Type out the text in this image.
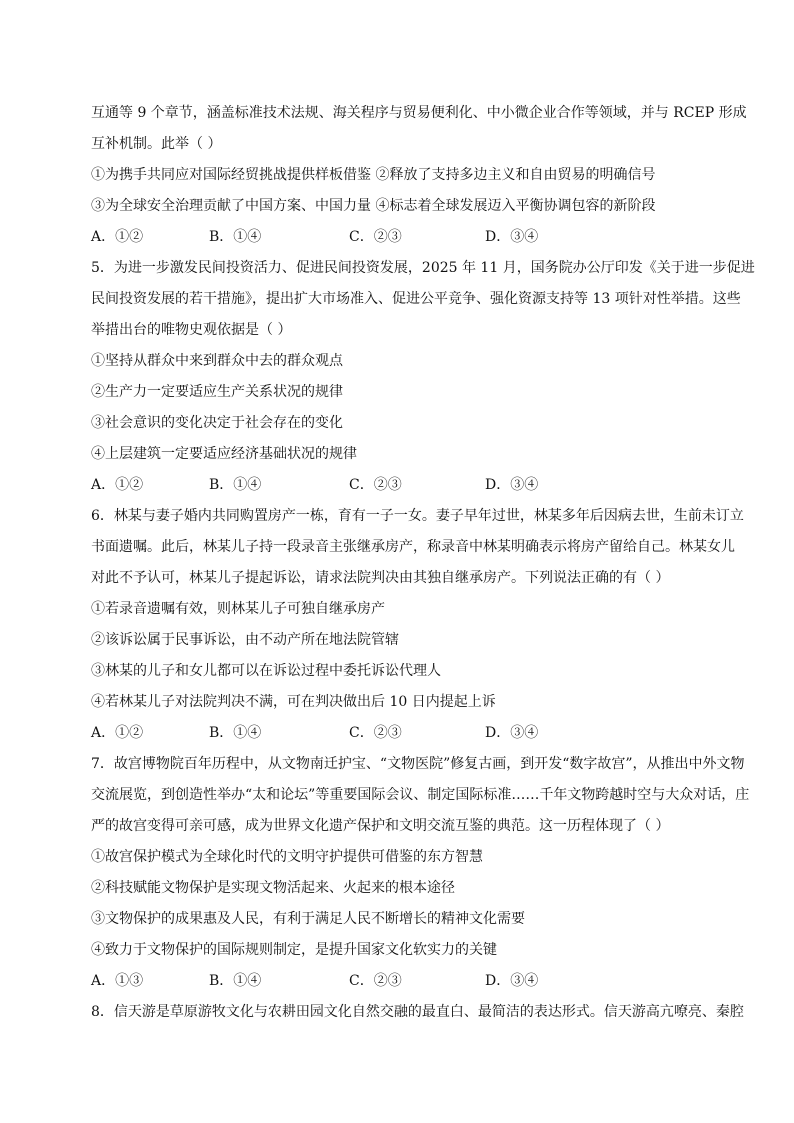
互通等 9 个章节，涵盖标准技术法规、海关程序与贸易便利化、中小微企业合作等领域，并与 RCEP 形成
互补机制。此举（ ）
①为携手共同应对国际经贸挑战提供样板借鉴 ②释放了支持多边主义和自由贸易的明确信号
③为全球安全治理贡献了中国方案、中国力量 ④标志着全球发展迈入平衡协调包容的新阶段
A．①②	B．①④	C．②③	D．③④
5．为进一步激发民间投资活力、促进民间投资发展，2025 年 11 月，国务院办公厅印发《关于进一步促进
民间投资发展的若干措施》，提出扩大市场准入、促进公平竞争、强化资源支持等 13 项针对性举措。这些
举措出台的唯物史观依据是（ ）
①坚持从群众中来到群众中去的群众观点
②生产力一定要适应生产关系状况的规律
③社会意识的变化决定于社会存在的变化
④上层建筑一定要适应经济基础状况的规律
A．①②	B．①④	C．②③	D．③④
6．林某与妻子婚内共同购置房产一栋，育有一子一女。妻子早年过世，林某多年后因病去世，生前未订立
书面遗嘱。此后，林某儿子持一段录音主张继承房产，称录音中林某明确表示将房产留给自己。林某女儿
对此不予认可，林某儿子提起诉讼，请求法院判决由其独自继承房产。下列说法正确的有（ ）
①若录音遗嘱有效，则林某儿子可独自继承房产
②该诉讼属于民事诉讼，由不动产所在地法院管辖
③林某的儿子和女儿都可以在诉讼过程中委托诉讼代理人
④若林某儿子对法院判决不满，可在判决做出后 10 日内提起上诉
A．①②	B．①④	C．②③	D．③④
7．故宫博物院百年历程中，从文物南迁护宝、“文物医院”修复古画，到开发“数字故宫”，从推出中外文物
交流展览，到创造性举办“太和论坛”等重要国际会议、制定国际标准……千年文物跨越时空与大众对话，庄
严的故宫变得可亲可感，成为世界文化遗产保护和文明交流互鉴的典范。这一历程体现了（ ）
①故宫保护模式为全球化时代的文明守护提供可借鉴的东方智慧
②科技赋能文物保护是实现文物活起来、火起来的根本途径
③文物保护的成果惠及人民，有利于满足人民不断增长的精神文化需要
④致力于文物保护的国际规则制定，是提升国家文化软实力的关键
A．①③	B．①④	C．②③	D．③④
8．信天游是草原游牧文化与农耕田园文化自然交融的最直白、最简洁的表达形式。信天游高亢嘹亮、秦腔
